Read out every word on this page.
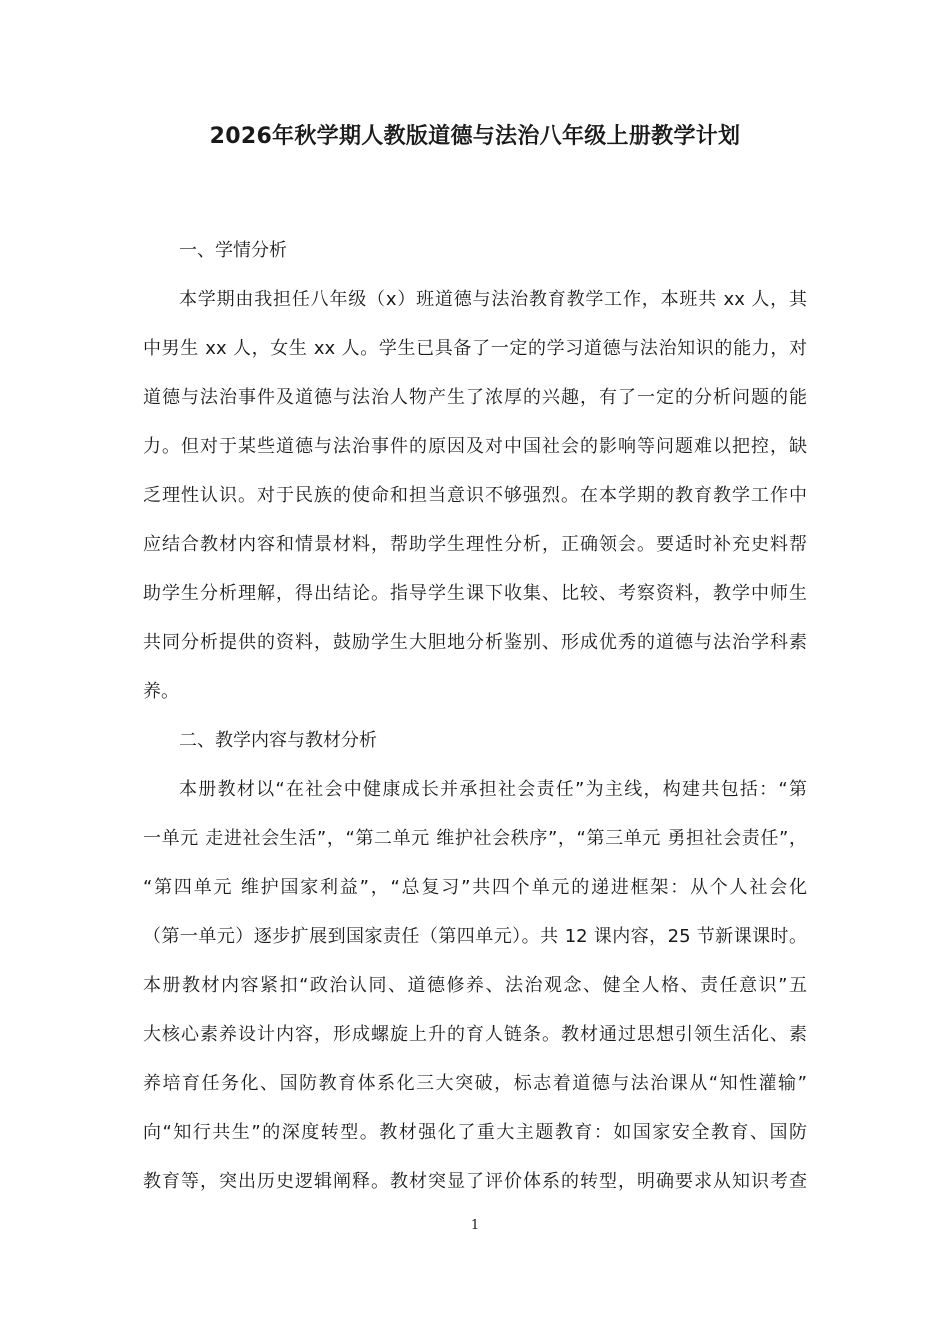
2026年秋学期人教版道德与法治八年级上册教学计划

一、学情分析

本学期由我担任八年级（x）班道德与法治教育教学工作，本班共 xx 人，其
中男生 xx 人，女生 xx 人。学生已具备了一定的学习道德与法治知识的能力，对
道德与法治事件及道德与法治人物产生了浓厚的兴趣，有了一定的分析问题的能
力。但对于某些道德与法治事件的原因及对中国社会的影响等问题难以把控，缺
乏理性认识。对于民族的使命和担当意识不够强烈。在本学期的教育教学工作中
应结合教材内容和情景材料，帮助学生理性分析，正确领会。要适时补充史料帮
助学生分析理解，得出结论。指导学生课下收集、比较、考察资料，教学中师生
共同分析提供的资料，鼓励学生大胆地分析鉴别、形成优秀的道德与法治学科素
养。

二、教学内容与教材分析

本册教材以“在社会中健康成长并承担社会责任”为主线，构建共包括：“第
一单元 走进社会生活”，“第二单元 维护社会秩序”，“第三单元 勇担社会责任”，
“第四单元 维护国家利益”，“总复习”共四个单元的递进框架：从个人社会化
（第一单元）逐步扩展到国家责任（第四单元）。共 12 课内容，25 节新课课时。
本册教材内容紧扣“政治认同、道德修养、法治观念、健全人格、责任意识”五
大核心素养设计内容，形成螺旋上升的育人链条。教材通过思想引领生活化、素
养培育任务化、国防教育体系化三大突破，标志着道德与法治课从“知性灌输”
向“知行共生”的深度转型。教材强化了重大主题教育：如国家安全教育、国防
教育等，突出历史逻辑阐释。教材突显了评价体系的转型，明确要求从知识考查

1
